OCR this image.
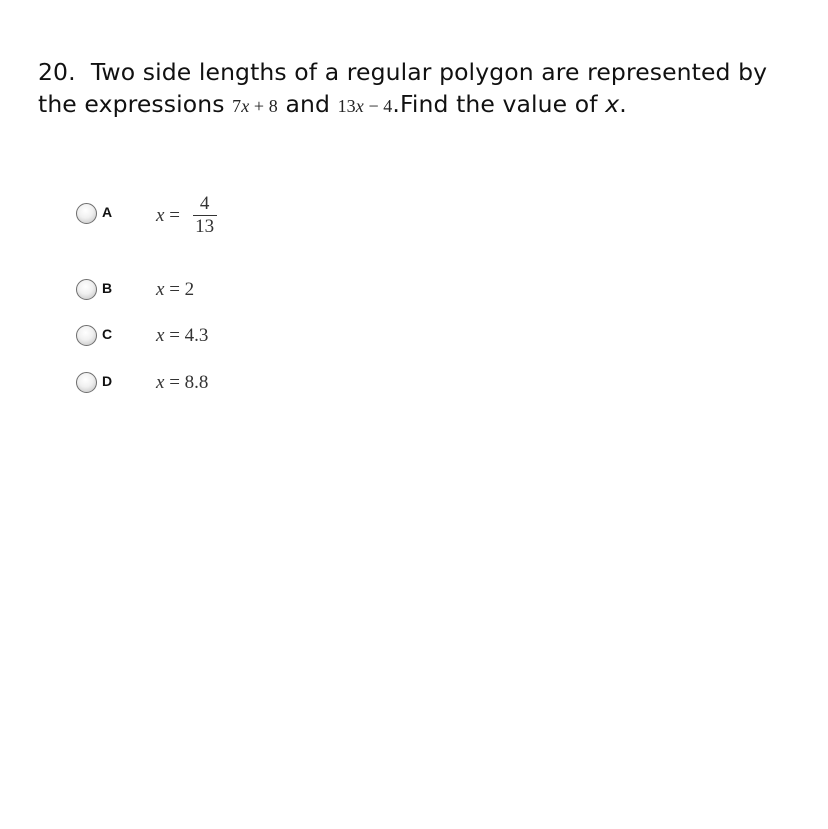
20. Two side lengths of a regular polygon are represented by the expressions 7x + 8 and 13x − 4.Find the value of x.
A $x = \frac{4}{13}$
B x = 2
C x = 4.3
D x = 8.8
